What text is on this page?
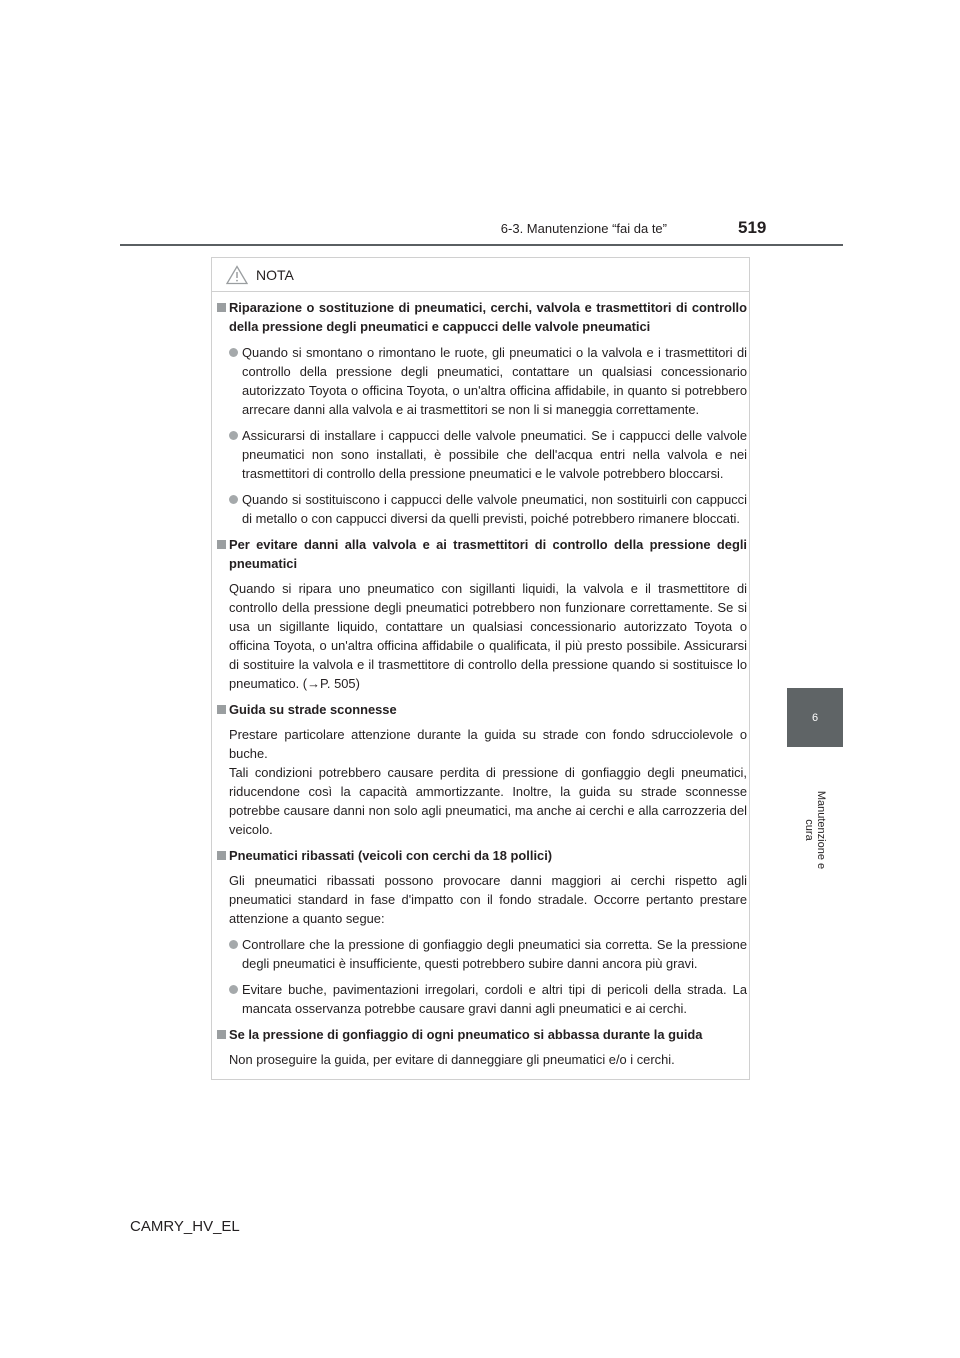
6-3. Manutenzione “fai da te”	519
6
Manutenzione e cura
NOTA
Riparazione o sostituzione di pneumatici, cerchi, valvola e trasmettitori di controllo della pressione degli pneumatici e cappucci delle valvole pneumatici
Quando si smontano o rimontano le ruote, gli pneumatici o la valvola e i trasmettitori di controllo della pressione degli pneumatici, contattare un qualsiasi concessionario autorizzato Toyota o officina Toyota, o un'altra officina affidabile, in quanto si potrebbero arrecare danni alla valvola e ai trasmettitori se non li si maneggia correttamente.
Assicurarsi di installare i cappucci delle valvole pneumatici. Se i cappucci delle valvole pneumatici non sono installati, è possibile che dell'acqua entri nella valvola e nei trasmettitori di controllo della pressione pneumatici e le valvole potrebbero bloccarsi.
Quando si sostituiscono i cappucci delle valvole pneumatici, non sostituirli con cappucci di metallo o con cappucci diversi da quelli previsti, poiché potrebbero rimanere bloccati.
Per evitare danni alla valvola e ai trasmettitori di controllo della pressione degli pneumatici
Quando si ripara uno pneumatico con sigillanti liquidi, la valvola e il trasmettitore di controllo della pressione degli pneumatici potrebbero non funzionare correttamente. Se si usa un sigillante liquido, contattare un qualsiasi concessionario autorizzato Toyota o officina Toyota, o un'altra officina affidabile o qualificata, il più presto possibile. Assicurarsi di sostituire la valvola e il trasmettitore di controllo della pressione quando si sostituisce lo pneumatico. (→P. 505)
Guida su strade sconnesse
Prestare particolare attenzione durante la guida su strade con fondo sdrucciolevole o buche.
Tali condizioni potrebbero causare perdita di pressione di gonfiaggio degli pneumatici, riducendone così la capacità ammortizzante. Inoltre, la guida su strade sconnesse potrebbe causare danni non solo agli pneumatici, ma anche ai cerchi e alla carrozzeria del veicolo.
Pneumatici ribassati (veicoli con cerchi da 18 pollici)
Gli pneumatici ribassati possono provocare danni maggiori ai cerchi rispetto agli pneumatici standard in fase d'impatto con il fondo stradale. Occorre pertanto prestare attenzione a quanto segue:
Controllare che la pressione di gonfiaggio degli pneumatici sia corretta. Se la pressione degli pneumatici è insufficiente, questi potrebbero subire danni ancora più gravi.
Evitare buche, pavimentazioni irregolari, cordoli e altri tipi di pericoli della strada. La mancata osservanza potrebbe causare gravi danni agli pneumatici e ai cerchi.
Se la pressione di gonfiaggio di ogni pneumatico si abbassa durante la guida
Non proseguire la guida, per evitare di danneggiare gli pneumatici e/o i cerchi.
CAMRY_HV_EL
